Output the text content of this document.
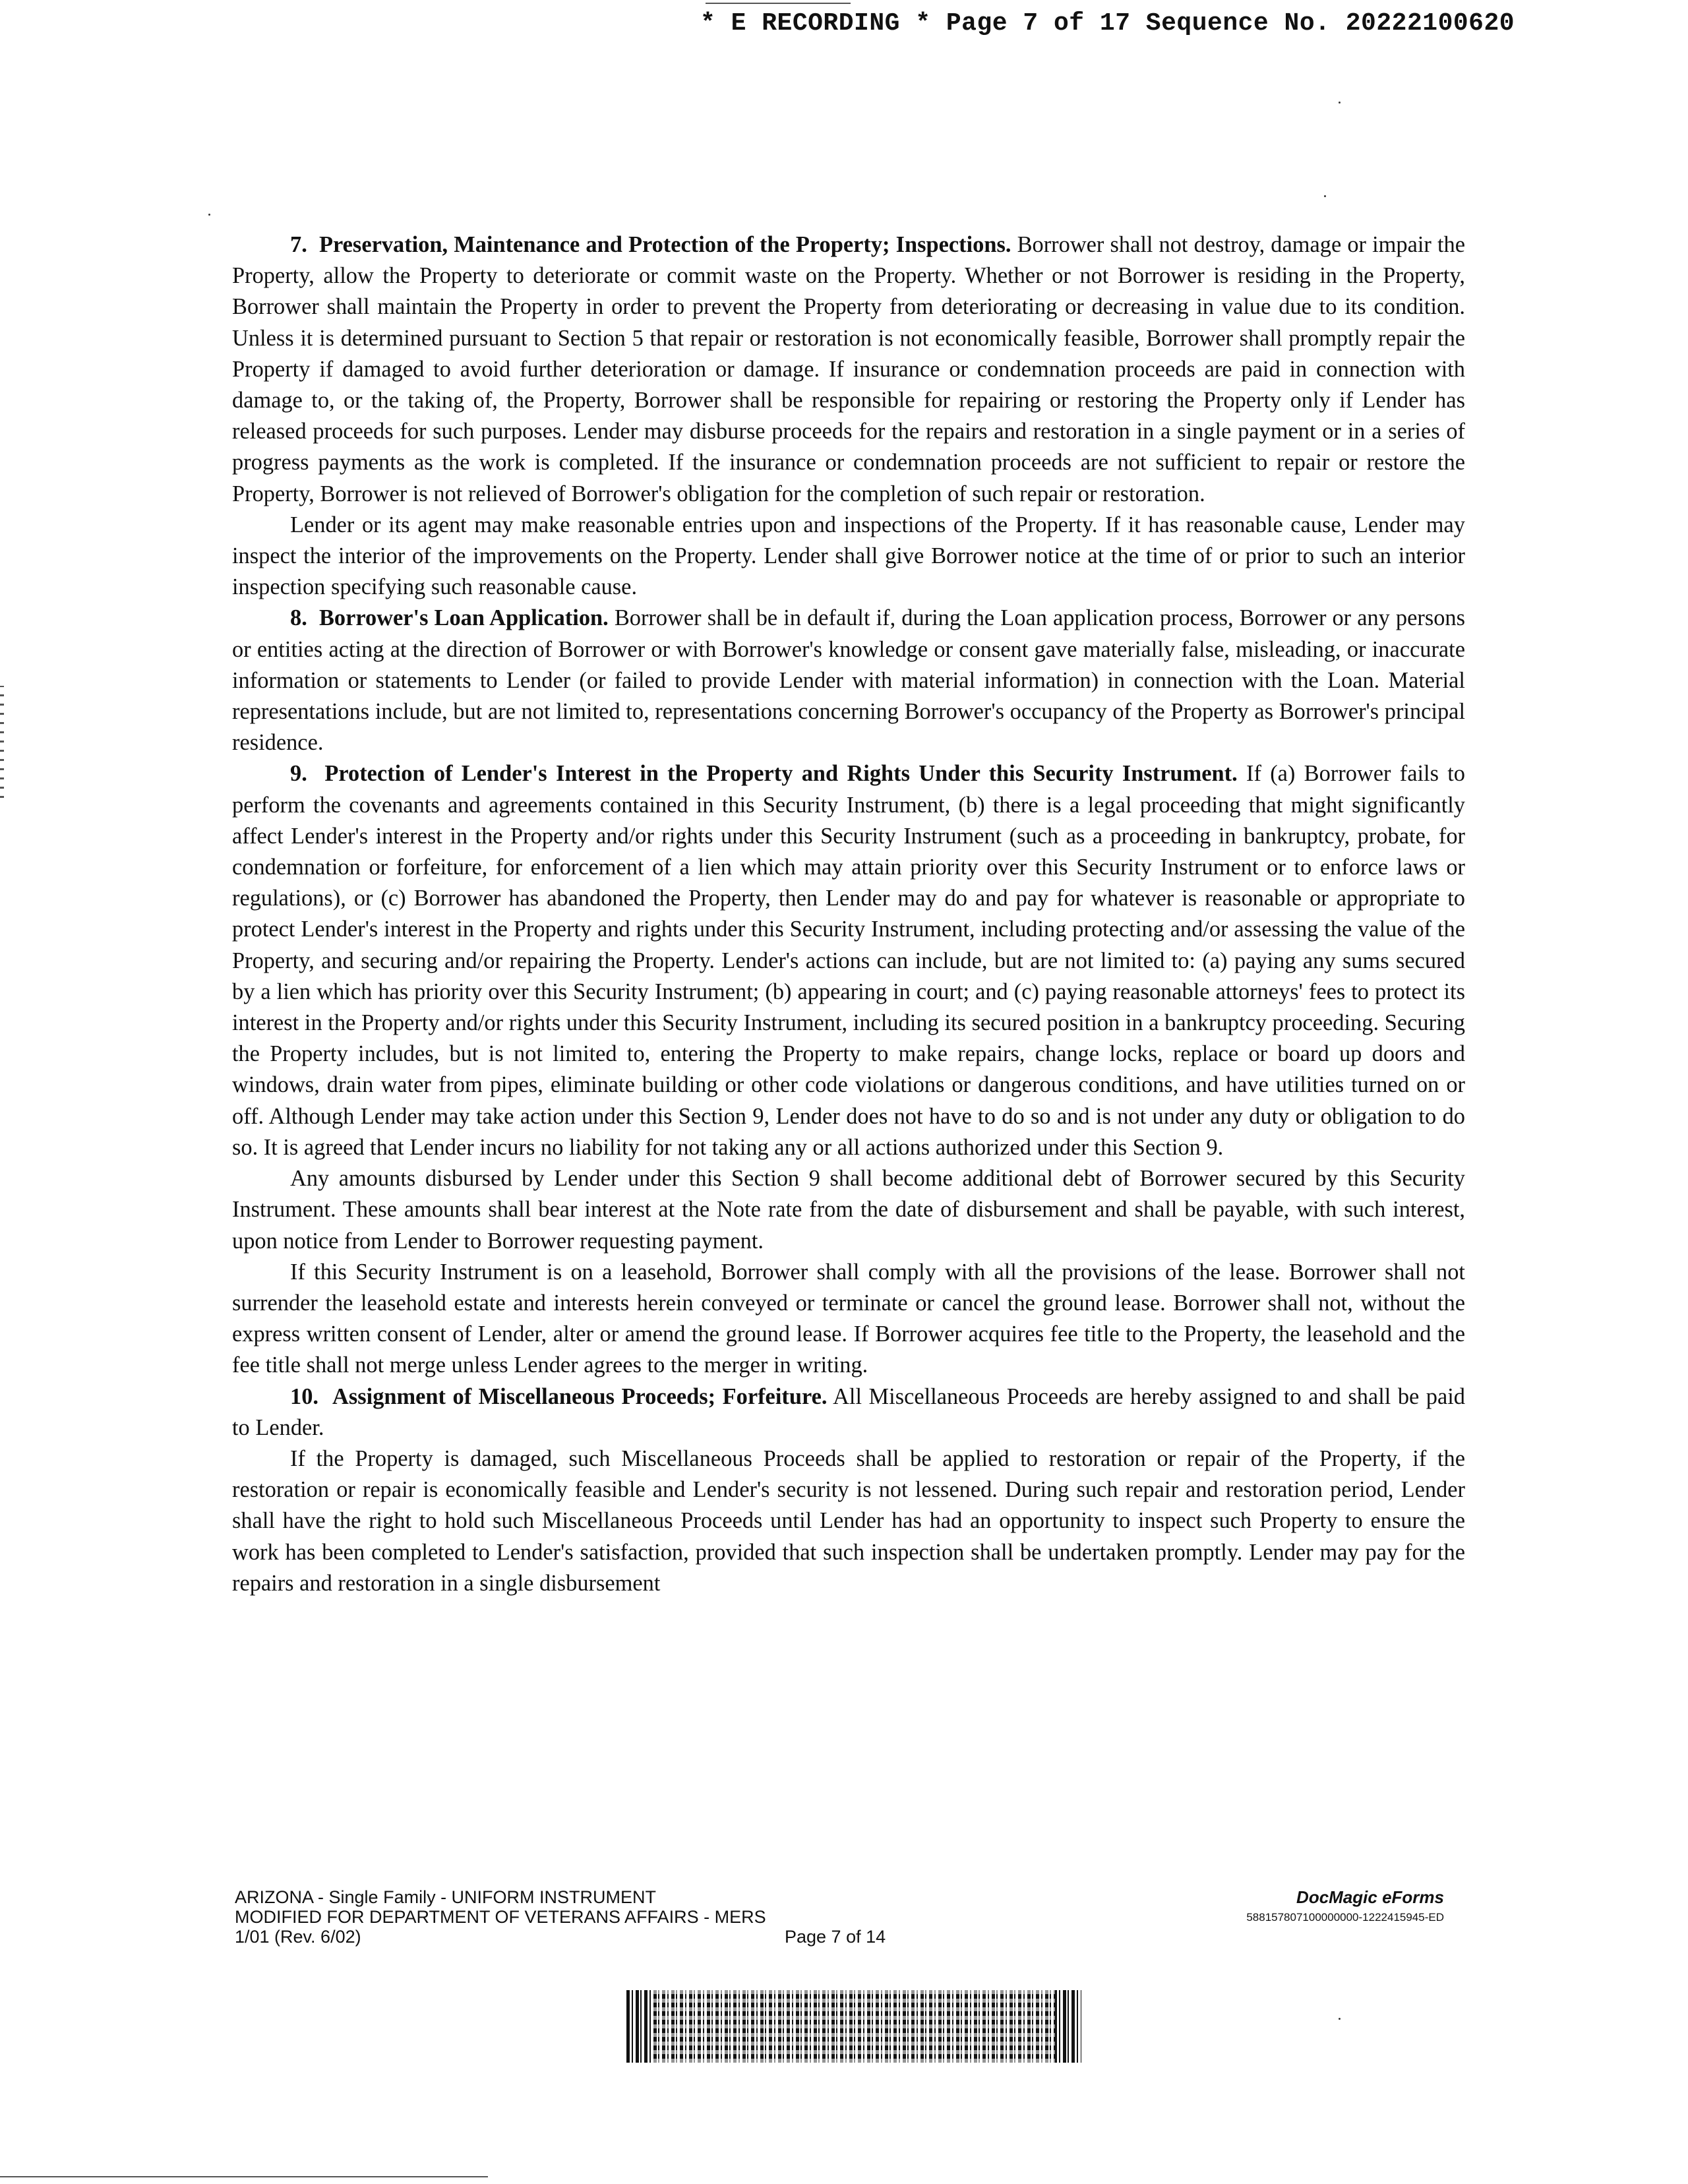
* E RECORDING * Page 7 of 17 Sequence No. 20222100620

7. Preservation, Maintenance and Protection of the Property; Inspections. Borrower shall not destroy, damage or impair the Property, allow the Property to deteriorate or commit waste on the Property. Whether or not Borrower is residing in the Property, Borrower shall maintain the Property in order to prevent the Property from deteriorating or decreasing in value due to its condition. Unless it is determined pursuant to Section 5 that repair or restoration is not economically feasible, Borrower shall promptly repair the Property if damaged to avoid further deterioration or damage. If insurance or condemnation proceeds are paid in connection with damage to, or the taking of, the Property, Borrower shall be responsible for repairing or restoring the Property only if Lender has released proceeds for such purposes. Lender may disburse proceeds for the repairs and restoration in a single payment or in a series of progress payments as the work is completed. If the insurance or condemnation proceeds are not sufficient to repair or restore the Property, Borrower is not relieved of Borrower's obligation for the completion of such repair or restoration.

Lender or its agent may make reasonable entries upon and inspections of the Property. If it has reasonable cause, Lender may inspect the interior of the improvements on the Property. Lender shall give Borrower notice at the time of or prior to such an interior inspection specifying such reasonable cause.

8. Borrower's Loan Application. Borrower shall be in default if, during the Loan application process, Borrower or any persons or entities acting at the direction of Borrower or with Borrower's knowledge or consent gave materially false, misleading, or inaccurate information or statements to Lender (or failed to provide Lender with material information) in connection with the Loan. Material representations include, but are not limited to, representations concerning Borrower's occupancy of the Property as Borrower's principal residence.

9. Protection of Lender's Interest in the Property and Rights Under this Security Instrument. If (a) Borrower fails to perform the covenants and agreements contained in this Security Instrument, (b) there is a legal proceeding that might significantly affect Lender's interest in the Property and/or rights under this Security Instrument (such as a proceeding in bankruptcy, probate, for condemnation or forfeiture, for enforcement of a lien which may attain priority over this Security Instrument or to enforce laws or regulations), or (c) Borrower has abandoned the Property, then Lender may do and pay for whatever is reasonable or appropriate to protect Lender's interest in the Property and rights under this Security Instrument, including protecting and/or assessing the value of the Property, and securing and/or repairing the Property. Lender's actions can include, but are not limited to: (a) paying any sums secured by a lien which has priority over this Security Instrument; (b) appearing in court; and (c) paying reasonable attorneys' fees to protect its interest in the Property and/or rights under this Security Instrument, including its secured position in a bankruptcy proceeding. Securing the Property includes, but is not limited to, entering the Property to make repairs, change locks, replace or board up doors and windows, drain water from pipes, eliminate building or other code violations or dangerous conditions, and have utilities turned on or off. Although Lender may take action under this Section 9, Lender does not have to do so and is not under any duty or obligation to do so. It is agreed that Lender incurs no liability for not taking any or all actions authorized under this Section 9.

Any amounts disbursed by Lender under this Section 9 shall become additional debt of Borrower secured by this Security Instrument. These amounts shall bear interest at the Note rate from the date of disbursement and shall be payable, with such interest, upon notice from Lender to Borrower requesting payment.

If this Security Instrument is on a leasehold, Borrower shall comply with all the provisions of the lease. Borrower shall not surrender the leasehold estate and interests herein conveyed or terminate or cancel the ground lease. Borrower shall not, without the express written consent of Lender, alter or amend the ground lease. If Borrower acquires fee title to the Property, the leasehold and the fee title shall not merge unless Lender agrees to the merger in writing.

10. Assignment of Miscellaneous Proceeds; Forfeiture. All Miscellaneous Proceeds are hereby assigned to and shall be paid to Lender.

If the Property is damaged, such Miscellaneous Proceeds shall be applied to restoration or repair of the Property, if the restoration or repair is economically feasible and Lender's security is not lessened. During such repair and restoration period, Lender shall have the right to hold such Miscellaneous Proceeds until Lender has had an opportunity to inspect such Property to ensure the work has been completed to Lender's satisfaction, provided that such inspection shall be undertaken promptly. Lender may pay for the repairs and restoration in a single disbursement

ARIZONA - Single Family - UNIFORM INSTRUMENT
MODIFIED FOR DEPARTMENT OF VETERANS AFFAIRS - MERS
1/01 (Rev. 6/02)	Page 7 of 14
DocMagic eForms
588157807100000000-1222415945-ED
